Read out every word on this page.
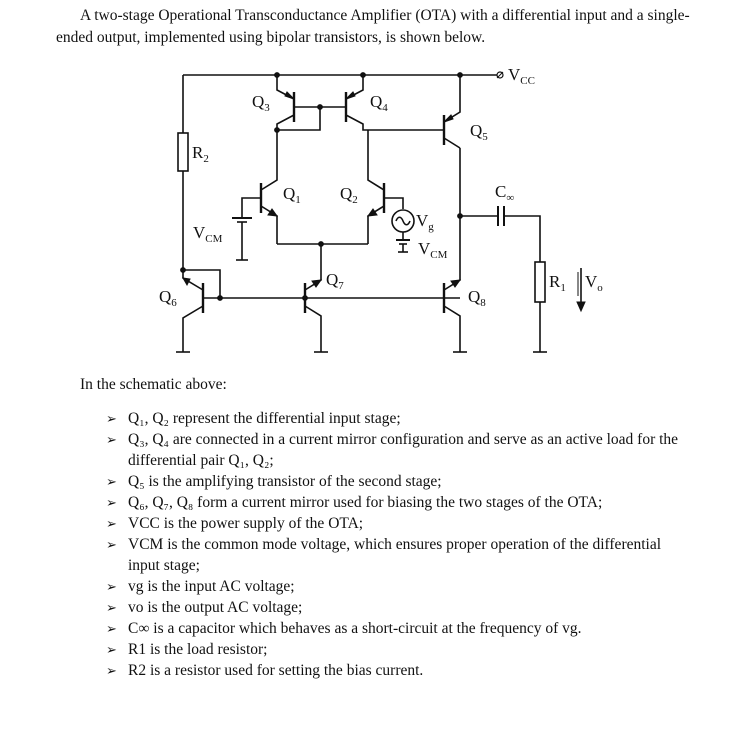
A two-stage Operational Transconductance Amplifier (OTA) with a differential input and a single-ended output, implemented using bipolar transistors, is shown below.

$V_{CC}$
$Q_3$	$Q_4$
$Q_5$
$R_2$
$Q_1$ $Q_2$	$C_\infty$
$V_{CM}$
$V_g$
$V_{CM}$
$Q_7$	$R_1$ $V_o$
$Q_6$	$Q_8$

In the schematic above:

➢ Q₁, Q₂ represent the differential input stage;
➢ Q₃, Q₄ are connected in a current mirror configuration and serve as an active load for the differential pair Q₁, Q₂;
➢ Q₅ is the amplifying transistor of the second stage;
➢ Q₆, Q₇, Q₈ form a current mirror used for biasing the two stages of the OTA;
➢ VCC is the power supply of the OTA;
➢ VCM is the common mode voltage, which ensures proper operation of the differential input stage;
➢ vg is the input AC voltage;
➢ vo is the output AC voltage;
➢ C∞ is a capacitor which behaves as a short-circuit at the frequency of vg.
➢ R1 is the load resistor;
➢ R2 is a resistor used for setting the bias current.
